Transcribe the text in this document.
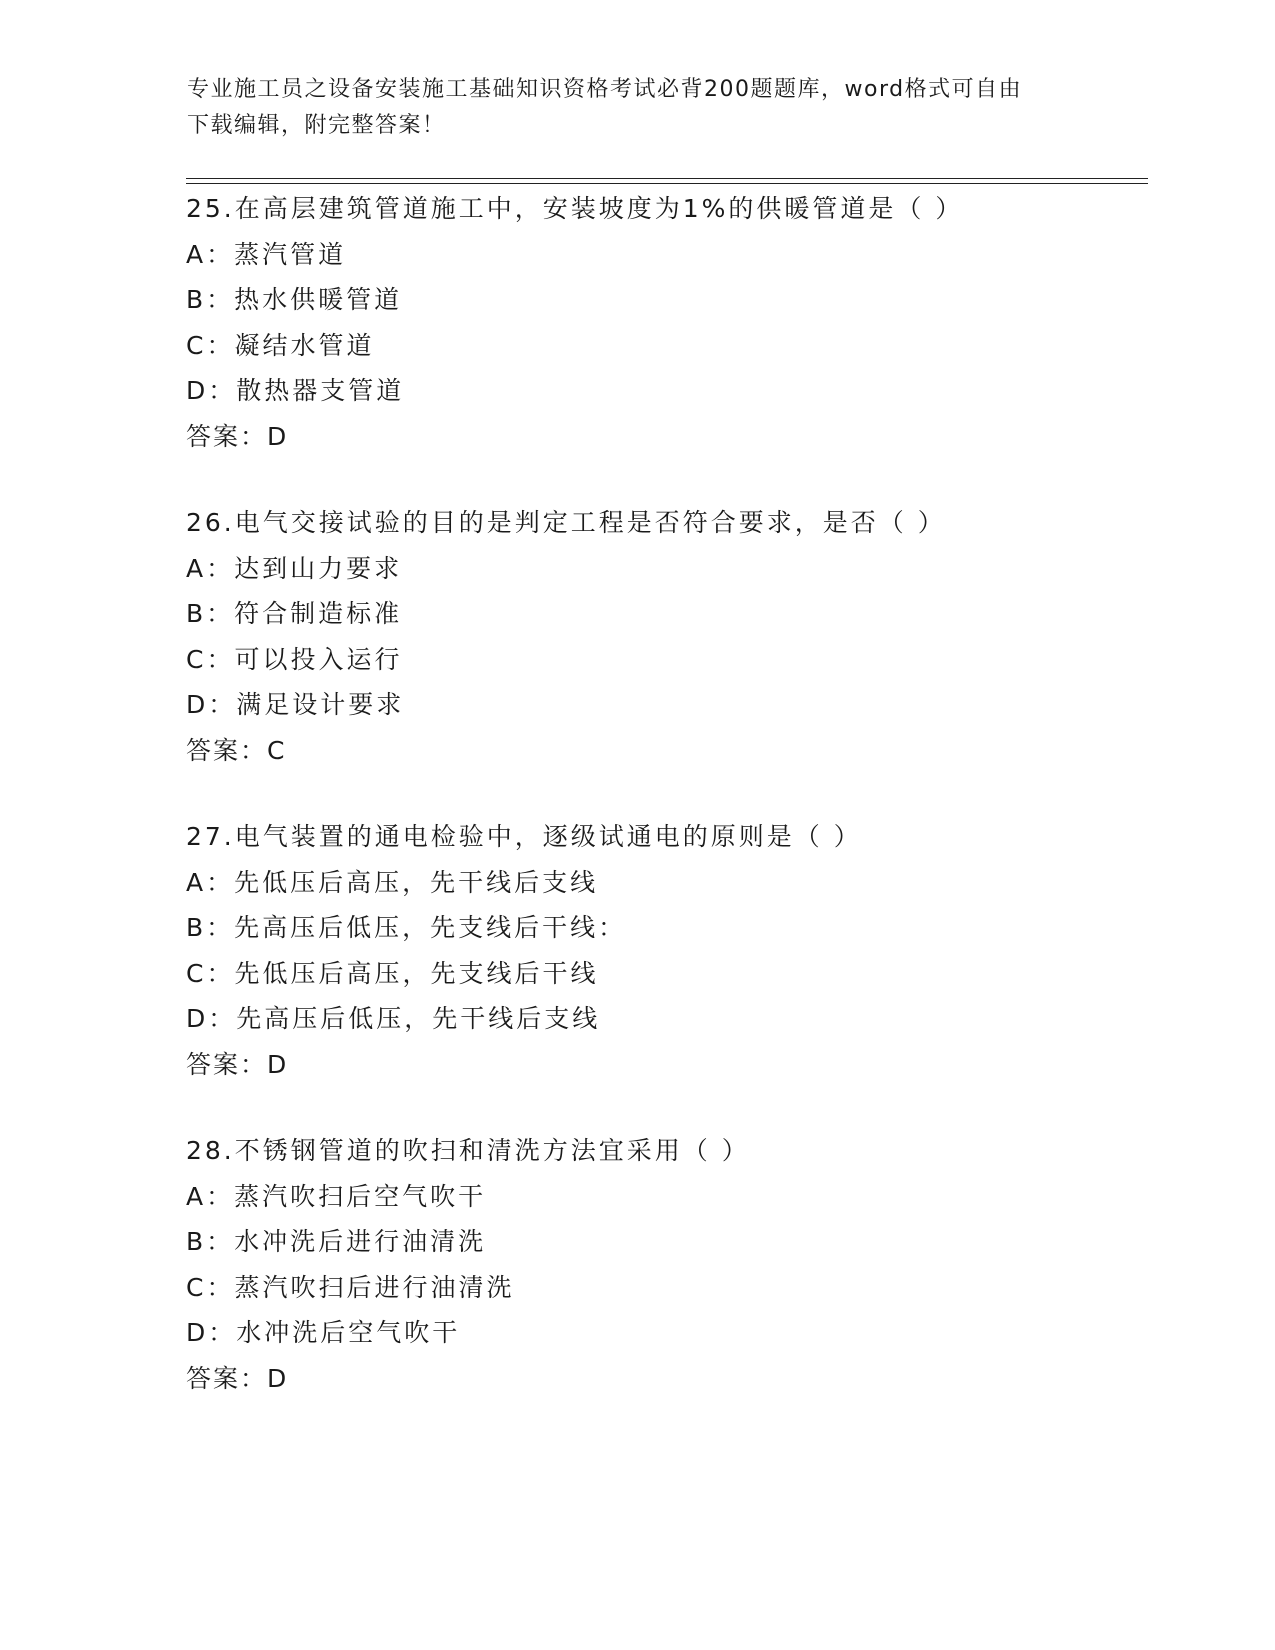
专业施工员之设备安装施工基础知识资格考试必背200题题库，word格式可自由
下载编辑，附完整答案！
25.在高层建筑管道施工中，安装坡度为1%的供暖管道是（ ）
A：蒸汽管道
B：热水供暖管道
C：凝结水管道
D：散热器支管道
答案：D
26.电气交接试验的目的是判定工程是否符合要求，是否（ ）
A：达到山力要求
B：符合制造标准
C：可以投入运行
D：满足设计要求
答案：C
27.电气装置的通电检验中，逐级试通电的原则是（ ）
A：先低压后高压，先干线后支线
B：先高压后低压，先支线后干线：
C：先低压后高压，先支线后干线
D：先高压后低压，先干线后支线
答案：D
28.不锈钢管道的吹扫和清洗方法宜采用（ ）
A：蒸汽吹扫后空气吹干
B：水冲洗后进行油清洗
C：蒸汽吹扫后进行油清洗
D：水冲洗后空气吹干
答案：D
